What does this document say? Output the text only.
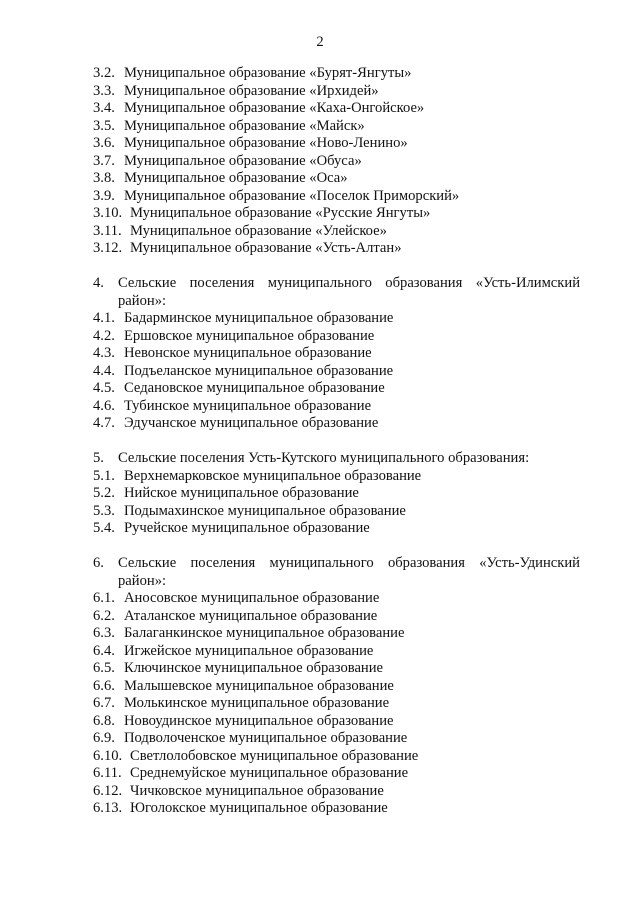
2
3.2. Муниципальное образование «Бурят-Янгуты»
3.3. Муниципальное образование «Ирхидей»
3.4. Муниципальное образование «Каха-Онгойское»
3.5. Муниципальное образование «Майск»
3.6. Муниципальное образование «Ново-Ленино»
3.7. Муниципальное образование «Обуса»
3.8. Муниципальное образование «Оса»
3.9. Муниципальное образование «Поселок Приморский»
3.10. Муниципальное образование «Русские Янгуты»
3.11. Муниципальное образование «Улейское»
3.12. Муниципальное образование «Усть-Алтан»
4. Сельские поселения муниципального образования «Усть-Илимский район»:
4.1. Бадарминское муниципальное образование
4.2. Ершовское муниципальное образование
4.3. Невонское муниципальное образование
4.4. Подъеланское муниципальное образование
4.5. Седановское муниципальное образование
4.6. Тубинское муниципальное образование
4.7. Эдучанское муниципальное образование
5. Сельские поселения Усть-Кутского муниципального образования:
5.1. Верхнемарковское муниципальное образование
5.2. Нийское муниципальное образование
5.3. Подымахинское муниципальное образование
5.4. Ручейское муниципальное образование
6. Сельские поселения муниципального образования «Усть-Удинский район»:
6.1. Аносовское муниципальное образование
6.2. Аталанское муниципальное образование
6.3. Балаганкинское муниципальное образование
6.4. Игжейское муниципальное образование
6.5. Ключинское муниципальное образование
6.6. Малышевское муниципальное образование
6.7. Молькинское муниципальное образование
6.8. Новоудинское муниципальное образование
6.9. Подволоченское муниципальное образование
6.10. Светлолобовское муниципальное образование
6.11. Среднемуйское муниципальное образование
6.12. Чичковское муниципальное образование
6.13. Юголокское муниципальное образование
